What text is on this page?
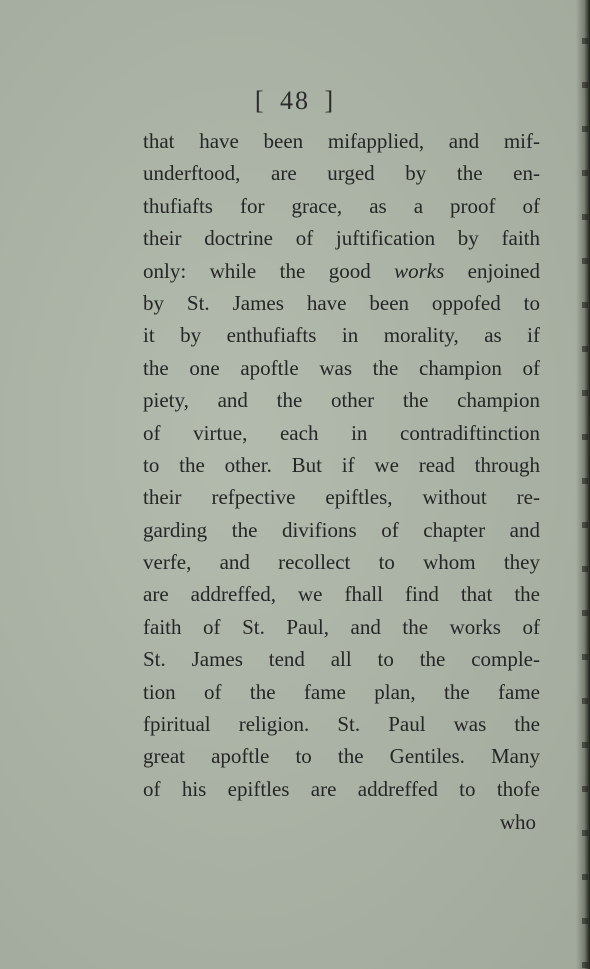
[ 48 ]
that have been mifapplied, and mif-
underftood, are urged by the en-
thufiafts for grace, as a proof of
their doctrine of juftification by faith
only: while the good works enjoined
by St. James have been oppofed to
it by enthufiafts in morality, as if
the one apoftle was the champion of
piety, and the other the champion
of virtue, each in contradiftinction
to the other. But if we read through
their refpective epiftles, without re-
garding the divifions of chapter and
verfe, and recollect to whom they
are addreffed, we fhall find that the
faith of St. Paul, and the works of
St. James tend all to the comple-
tion of the fame plan, the fame
fpiritual religion. St. Paul was the
great apoftle to the Gentiles. Many
of his epiftles are addreffed to thofe
who
